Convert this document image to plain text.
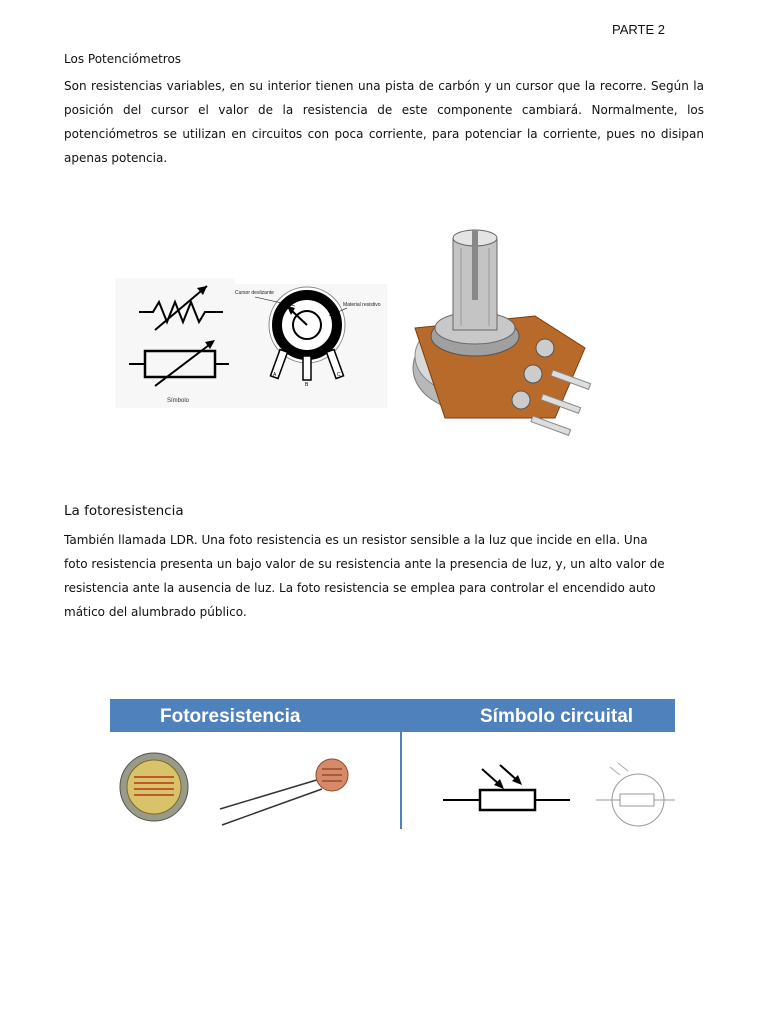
PARTE 2
Los Potenciómetros
Son resistencias variables, en su interior tienen una pista de carbón y un cursor que la recorre. Según la posición del cursor el valor de la resistencia de este componente cambiará. Normalmente, los potenciómetros se utilizan en circuitos con poca corriente, para potenciar la corriente, pues no disipan apenas potencia.
Símbolo
Cursor deslizante
Material resistivo
A
B
C
La fotoresistencia
También llamada LDR. Una foto resistencia es un resistor sensible a la luz que incide en ella. Una
foto resistencia presenta un bajo valor de su resistencia ante la presencia de luz, y, un alto valor de
resistencia ante la ausencia de luz. La foto resistencia se emplea para controlar el encendido auto
mático del alumbrado público.
Fotoresistencia	Símbolo circuital
